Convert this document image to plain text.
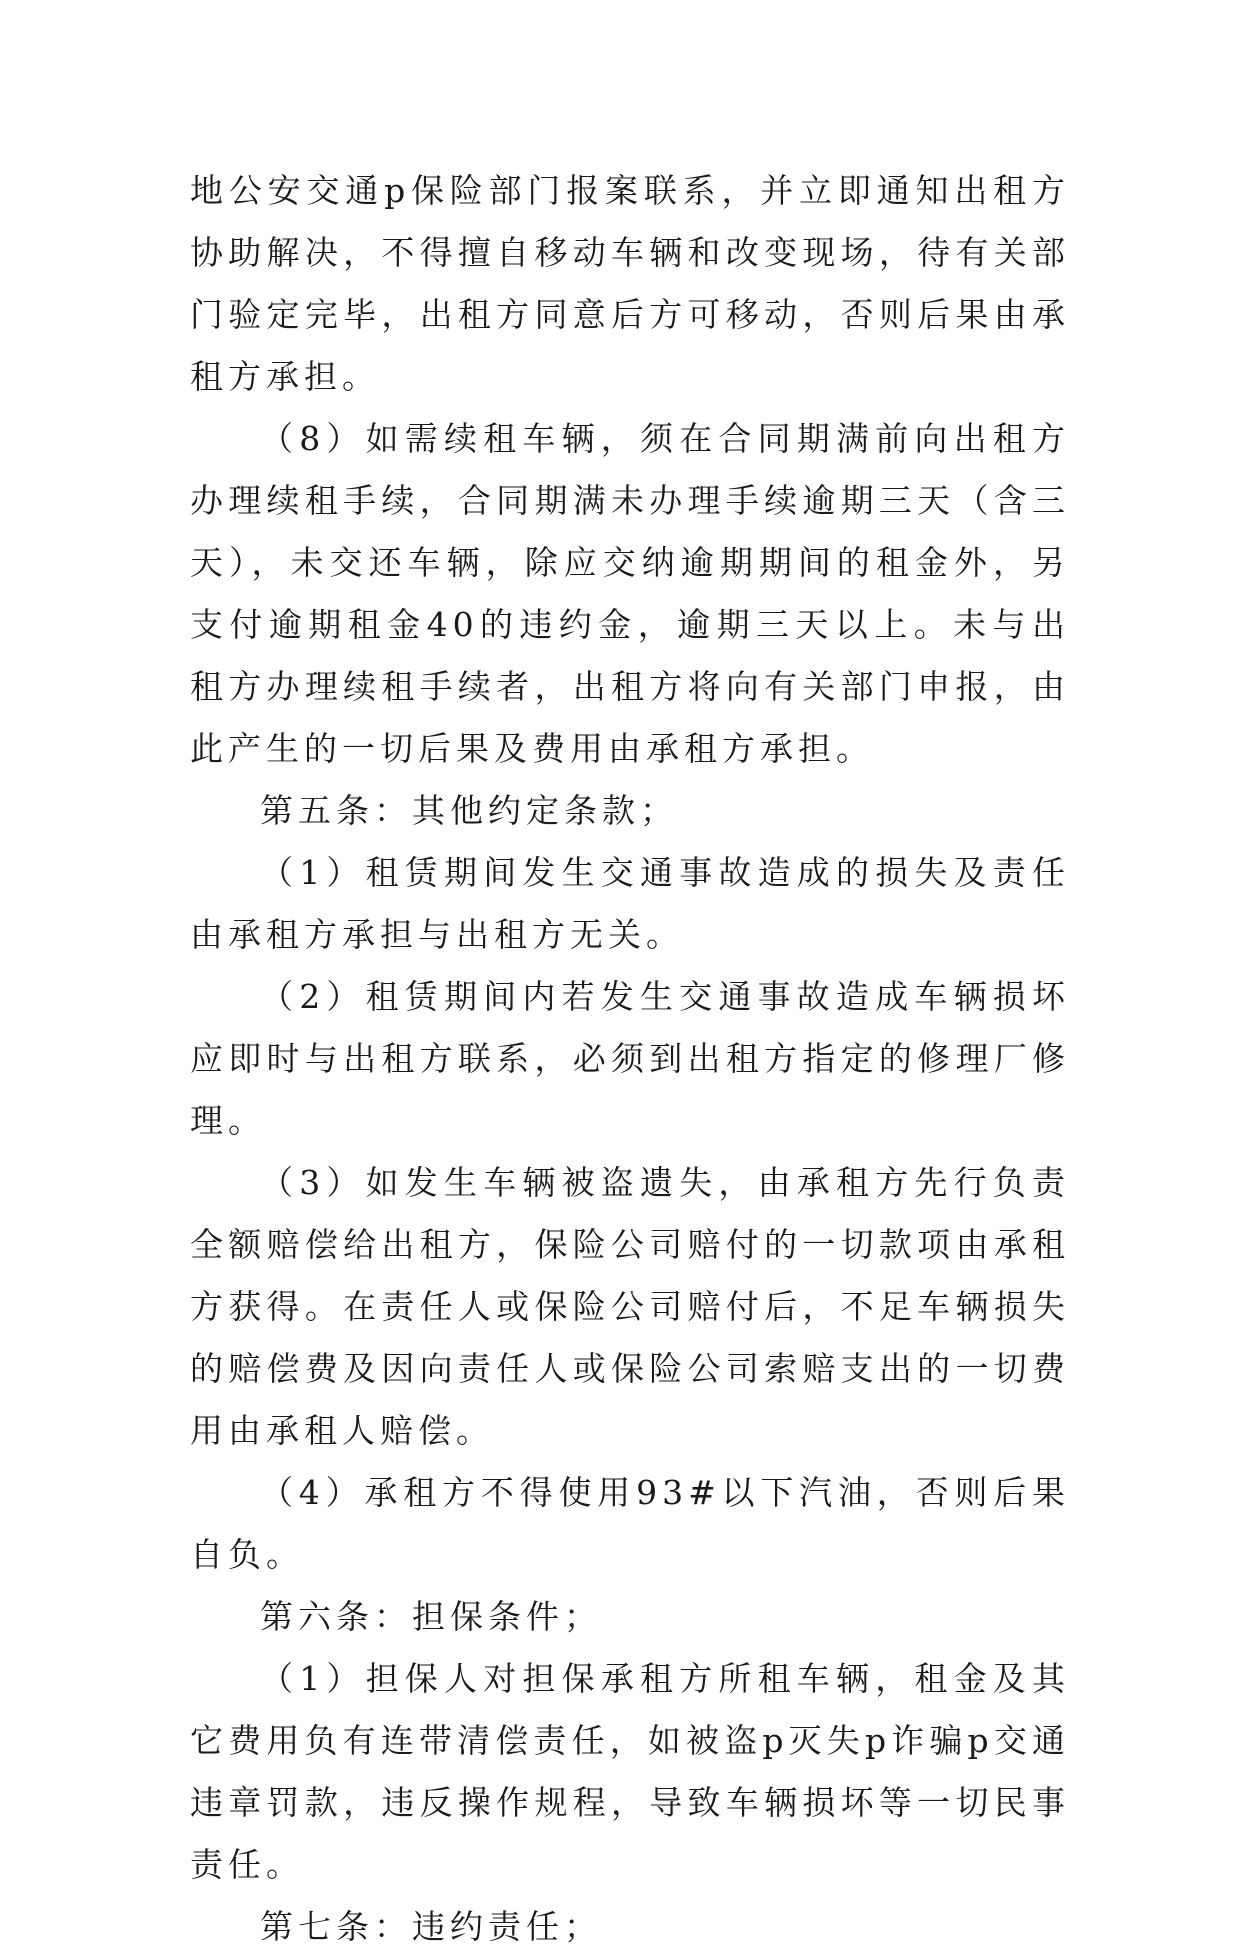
地公安交通p保险部门报案联系，并立即通知出租方协助解决，不得擅自移动车辆和改变现场，待有关部门验定完毕，出租方同意后方可移动，否则后果由承租方承担。

（8）如需续租车辆，须在合同期满前向出租方办理续租手续，合同期满未办理手续逾期三天（含三天），未交还车辆，除应交纳逾期期间的租金外，另支付逾期租金40的违约金，逾期三天以上。未与出租方办理续租手续者，出租方将向有关部门申报，由此产生的一切后果及费用由承租方承担。

第五条：其他约定条款；

（1）租赁期间发生交通事故造成的损失及责任由承租方承担与出租方无关。

（2）租赁期间内若发生交通事故造成车辆损坏应即时与出租方联系，必须到出租方指定的修理厂修理。

（3）如发生车辆被盗遗失，由承租方先行负责全额赔偿给出租方，保险公司赔付的一切款项由承租方获得。在责任人或保险公司赔付后，不足车辆损失的赔偿费及因向责任人或保险公司索赔支出的一切费用由承租人赔偿。

（4）承租方不得使用93#以下汽油，否则后果自负。

第六条：担保条件；

（1）担保人对担保承租方所租车辆，租金及其它费用负有连带清偿责任，如被盗p灭失p诈骗p交通违章罚款，违反操作规程，导致车辆损坏等一切民事责任。

第七条：违约责任；
